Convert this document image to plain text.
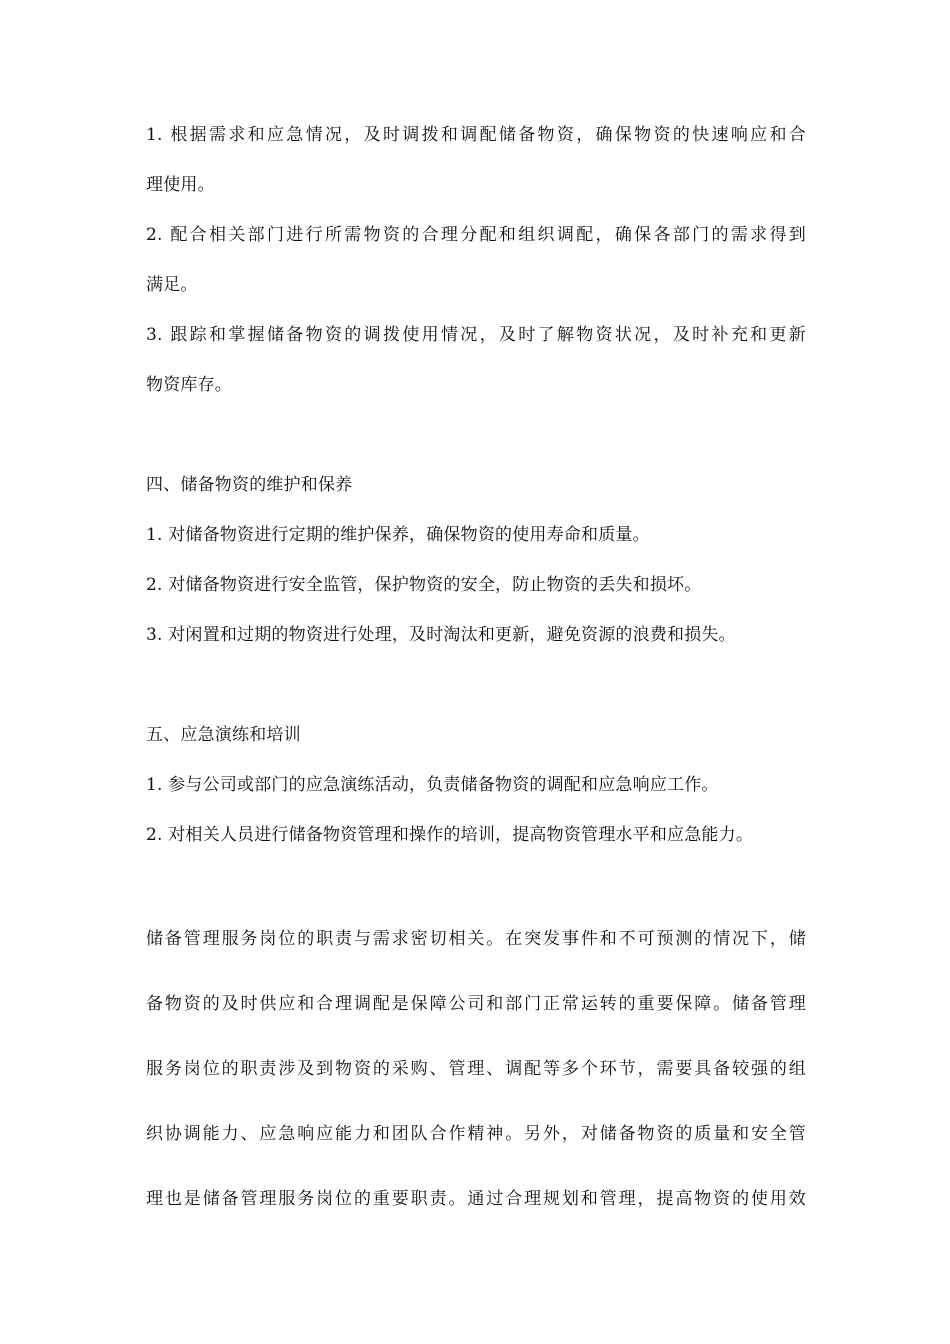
1. 根据需求和应急情况，及时调拨和调配储备物资，确保物资的快速响应和合
理使用。
2. 配合相关部门进行所需物资的合理分配和组织调配，确保各部门的需求得到
满足。
3. 跟踪和掌握储备物资的调拨使用情况，及时了解物资状况，及时补充和更新
物资库存。
四、储备物资的维护和保养
1. 对储备物资进行定期的维护保养，确保物资的使用寿命和质量。
2. 对储备物资进行安全监管，保护物资的安全，防止物资的丢失和损坏。
3. 对闲置和过期的物资进行处理，及时淘汰和更新，避免资源的浪费和损失。
五、应急演练和培训
1. 参与公司或部门的应急演练活动，负责储备物资的调配和应急响应工作。
2. 对相关人员进行储备物资管理和操作的培训，提高物资管理水平和应急能力。
储备管理服务岗位的职责与需求密切相关。在突发事件和不可预测的情况下，储
备物资的及时供应和合理调配是保障公司和部门正常运转的重要保障。储备管理
服务岗位的职责涉及到物资的采购、管理、调配等多个环节，需要具备较强的组
织协调能力、应急响应能力和团队合作精神。另外，对储备物资的质量和安全管
理也是储备管理服务岗位的重要职责。通过合理规划和管理，提高物资的使用效
